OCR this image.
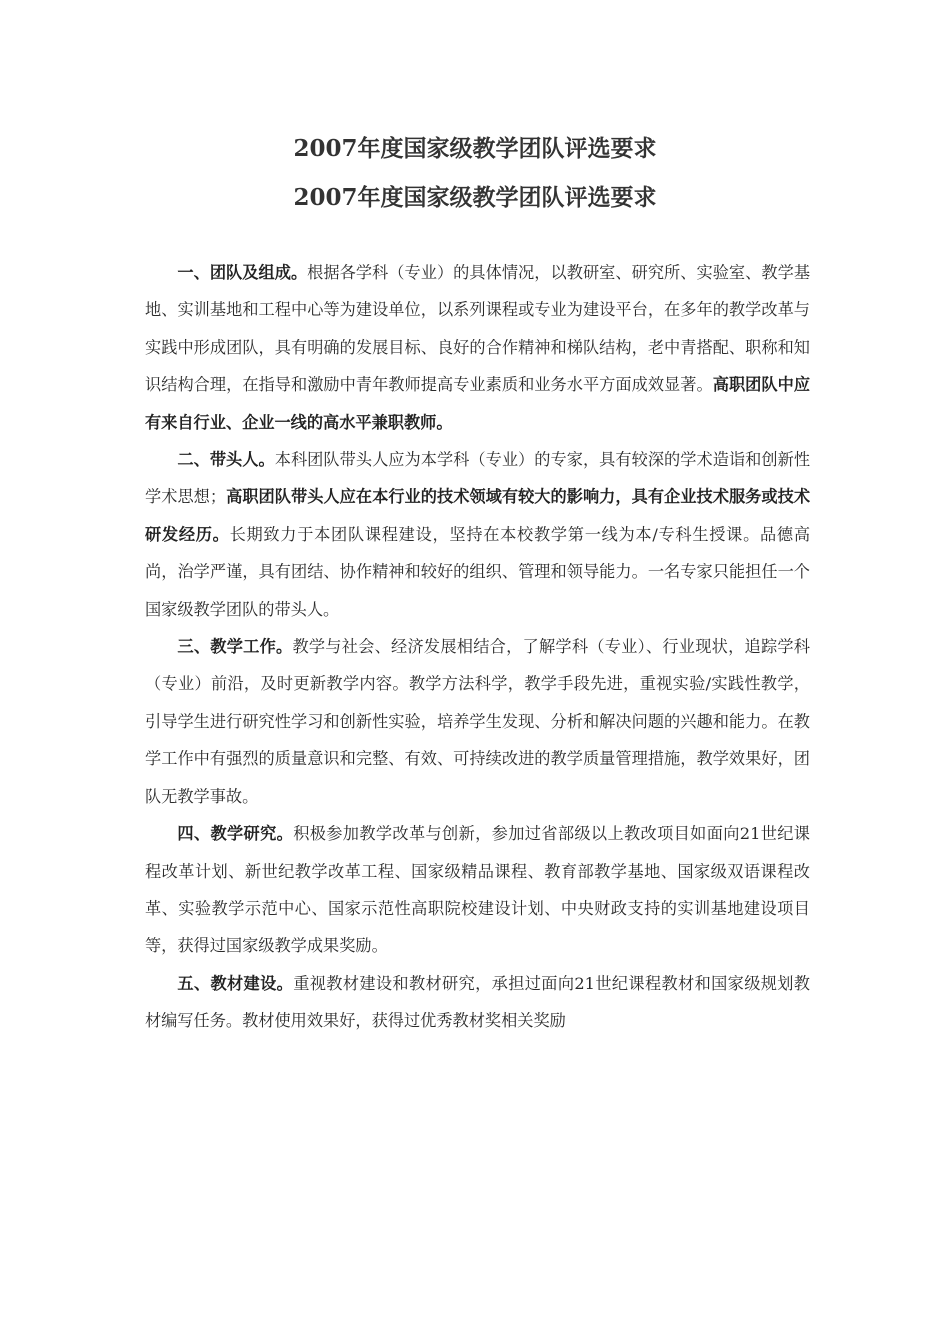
2007年度国家级教学团队评选要求
2007年度国家级教学团队评选要求

一、团队及组成。根据各学科（专业）的具体情况，以教研室、研究所、实验室、教学基地、实训基地和工程中心等为建设单位，以系列课程或专业为建设平台，在多年的教学改革与实践中形成团队，具有明确的发展目标、良好的合作精神和梯队结构，老中青搭配、职称和知识结构合理，在指导和激励中青年教师提高专业素质和业务水平方面成效显著。高职团队中应有来自行业、企业一线的高水平兼职教师。

二、带头人。本科团队带头人应为本学科（专业）的专家，具有较深的学术造诣和创新性学术思想；高职团队带头人应在本行业的技术领域有较大的影响力，具有企业技术服务或技术研发经历。长期致力于本团队课程建设，坚持在本校教学第一线为本/专科生授课。品德高尚，治学严谨，具有团结、协作精神和较好的组织、管理和领导能力。一名专家只能担任一个国家级教学团队的带头人。

三、教学工作。教学与社会、经济发展相结合，了解学科（专业）、行业现状，追踪学科（专业）前沿，及时更新教学内容。教学方法科学，教学手段先进，重视实验/实践性教学，引导学生进行研究性学习和创新性实验，培养学生发现、分析和解决问题的兴趣和能力。在教学工作中有强烈的质量意识和完整、有效、可持续改进的教学质量管理措施，教学效果好，团队无教学事故。

四、教学研究。积极参加教学改革与创新，参加过省部级以上教改项目如面向21世纪课程改革计划、新世纪教学改革工程、国家级精品课程、教育部教学基地、国家级双语课程改革、实验教学示范中心、国家示范性高职院校建设计划、中央财政支持的实训基地建设项目等，获得过国家级教学成果奖励。

五、教材建设。重视教材建设和教材研究，承担过面向21世纪课程教材和国家级规划教材编写任务。教材使用效果好，获得过优秀教材奖相关奖励
